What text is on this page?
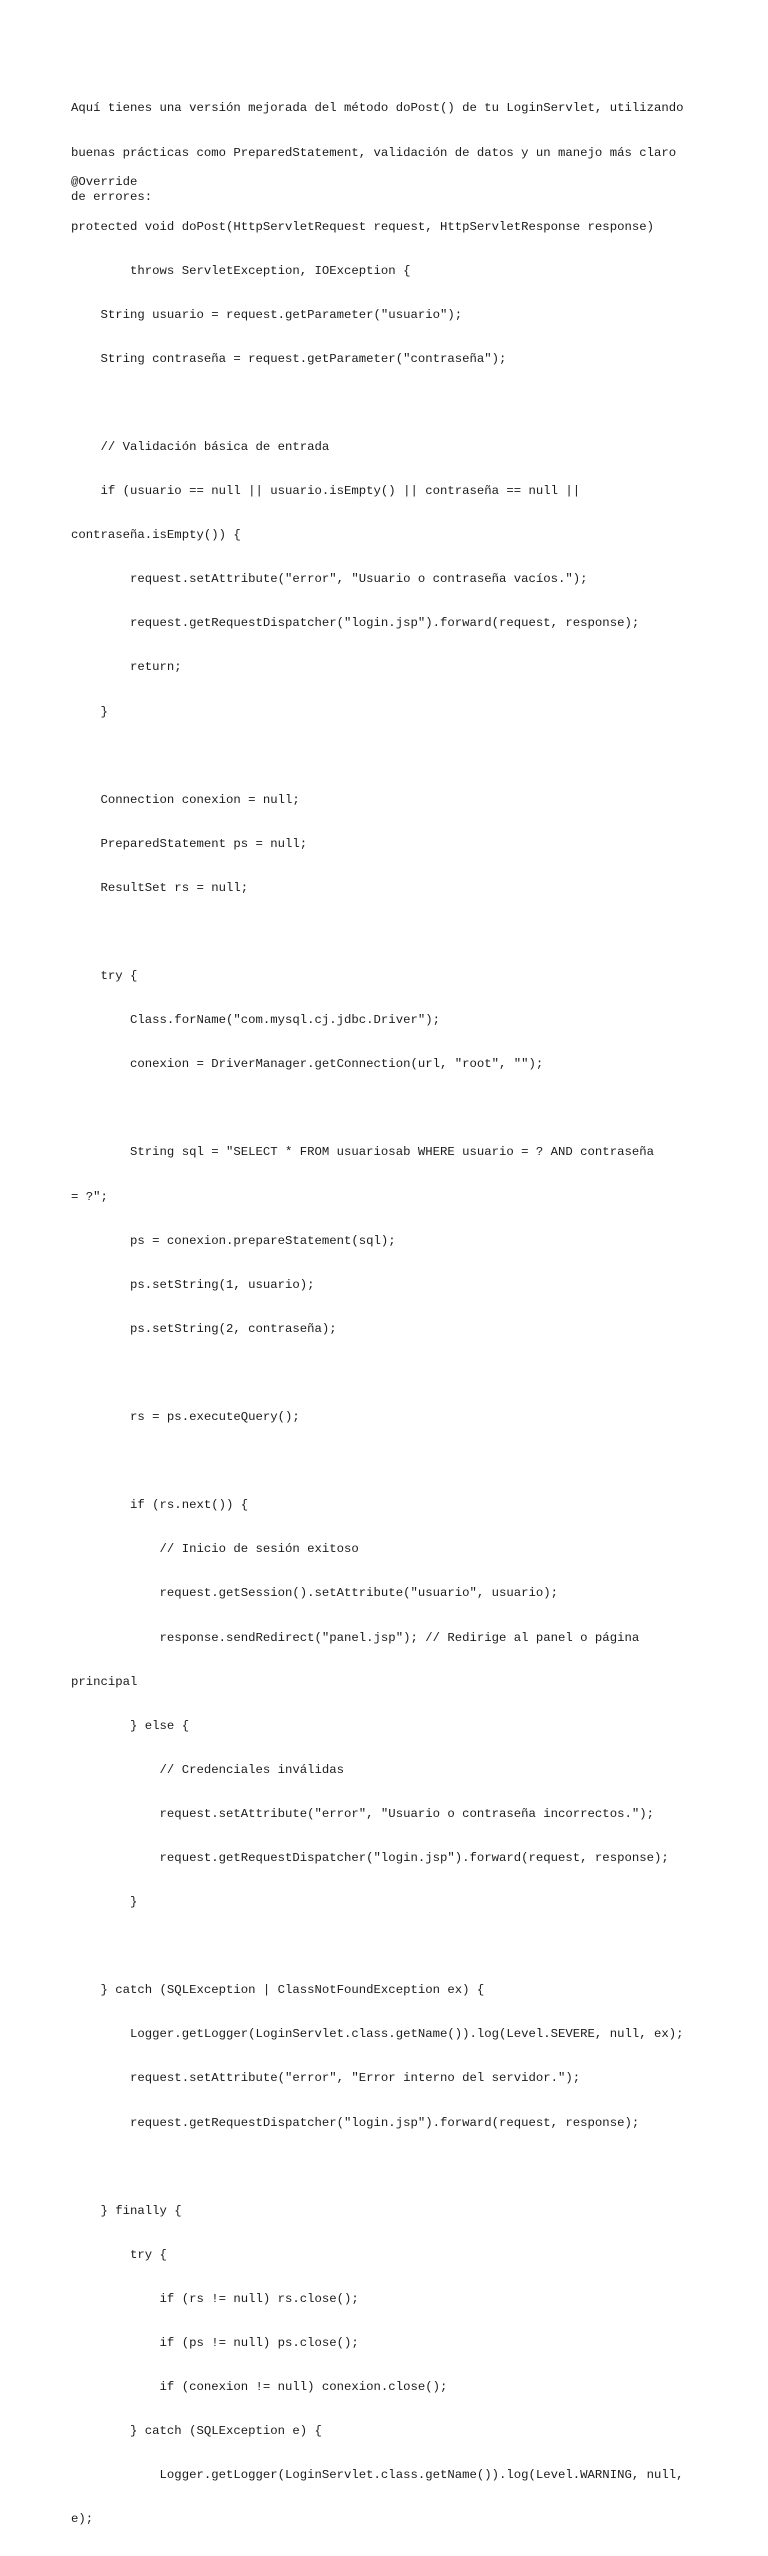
Aquí tienes una versión mejorada del método doPost() de tu LoginServlet, utilizando

buenas prácticas como PreparedStatement, validación de datos y un manejo más claro

de errores:

@Override

protected void doPost(HttpServletRequest request, HttpServletResponse response)

throws ServletException, IOException {

String usuario = request.getParameter("usuario");

String contraseña = request.getParameter("contraseña");

// Validación básica de entrada

if (usuario == null || usuario.isEmpty() || contraseña == null ||

contraseña.isEmpty()) {

request.setAttribute("error", "Usuario o contraseña vacíos.");

request.getRequestDispatcher("login.jsp").forward(request, response);

return;

}

Connection conexion = null;

PreparedStatement ps = null;

ResultSet rs = null;

try {

Class.forName("com.mysql.cj.jdbc.Driver");

conexion = DriverManager.getConnection(url, "root", "");

String sql = "SELECT * FROM usuariosab WHERE usuario = ? AND contraseña

= ?";

ps = conexion.prepareStatement(sql);

ps.setString(1, usuario);

ps.setString(2, contraseña);

rs = ps.executeQuery();

if (rs.next()) {

// Inicio de sesión exitoso

request.getSession().setAttribute("usuario", usuario);

response.sendRedirect("panel.jsp"); // Redirige al panel o página

principal

} else {

// Credenciales inválidas

request.setAttribute("error", "Usuario o contraseña incorrectos.");

request.getRequestDispatcher("login.jsp").forward(request, response);

}

} catch (SQLException | ClassNotFoundException ex) {

Logger.getLogger(LoginServlet.class.getName()).log(Level.SEVERE, null, ex);

request.setAttribute("error", "Error interno del servidor.");

request.getRequestDispatcher("login.jsp").forward(request, response);

} finally {

try {

if (rs != null) rs.close();

if (ps != null) ps.close();

if (conexion != null) conexion.close();

} catch (SQLException e) {

Logger.getLogger(LoginServlet.class.getName()).log(Level.WARNING, null,

e);
